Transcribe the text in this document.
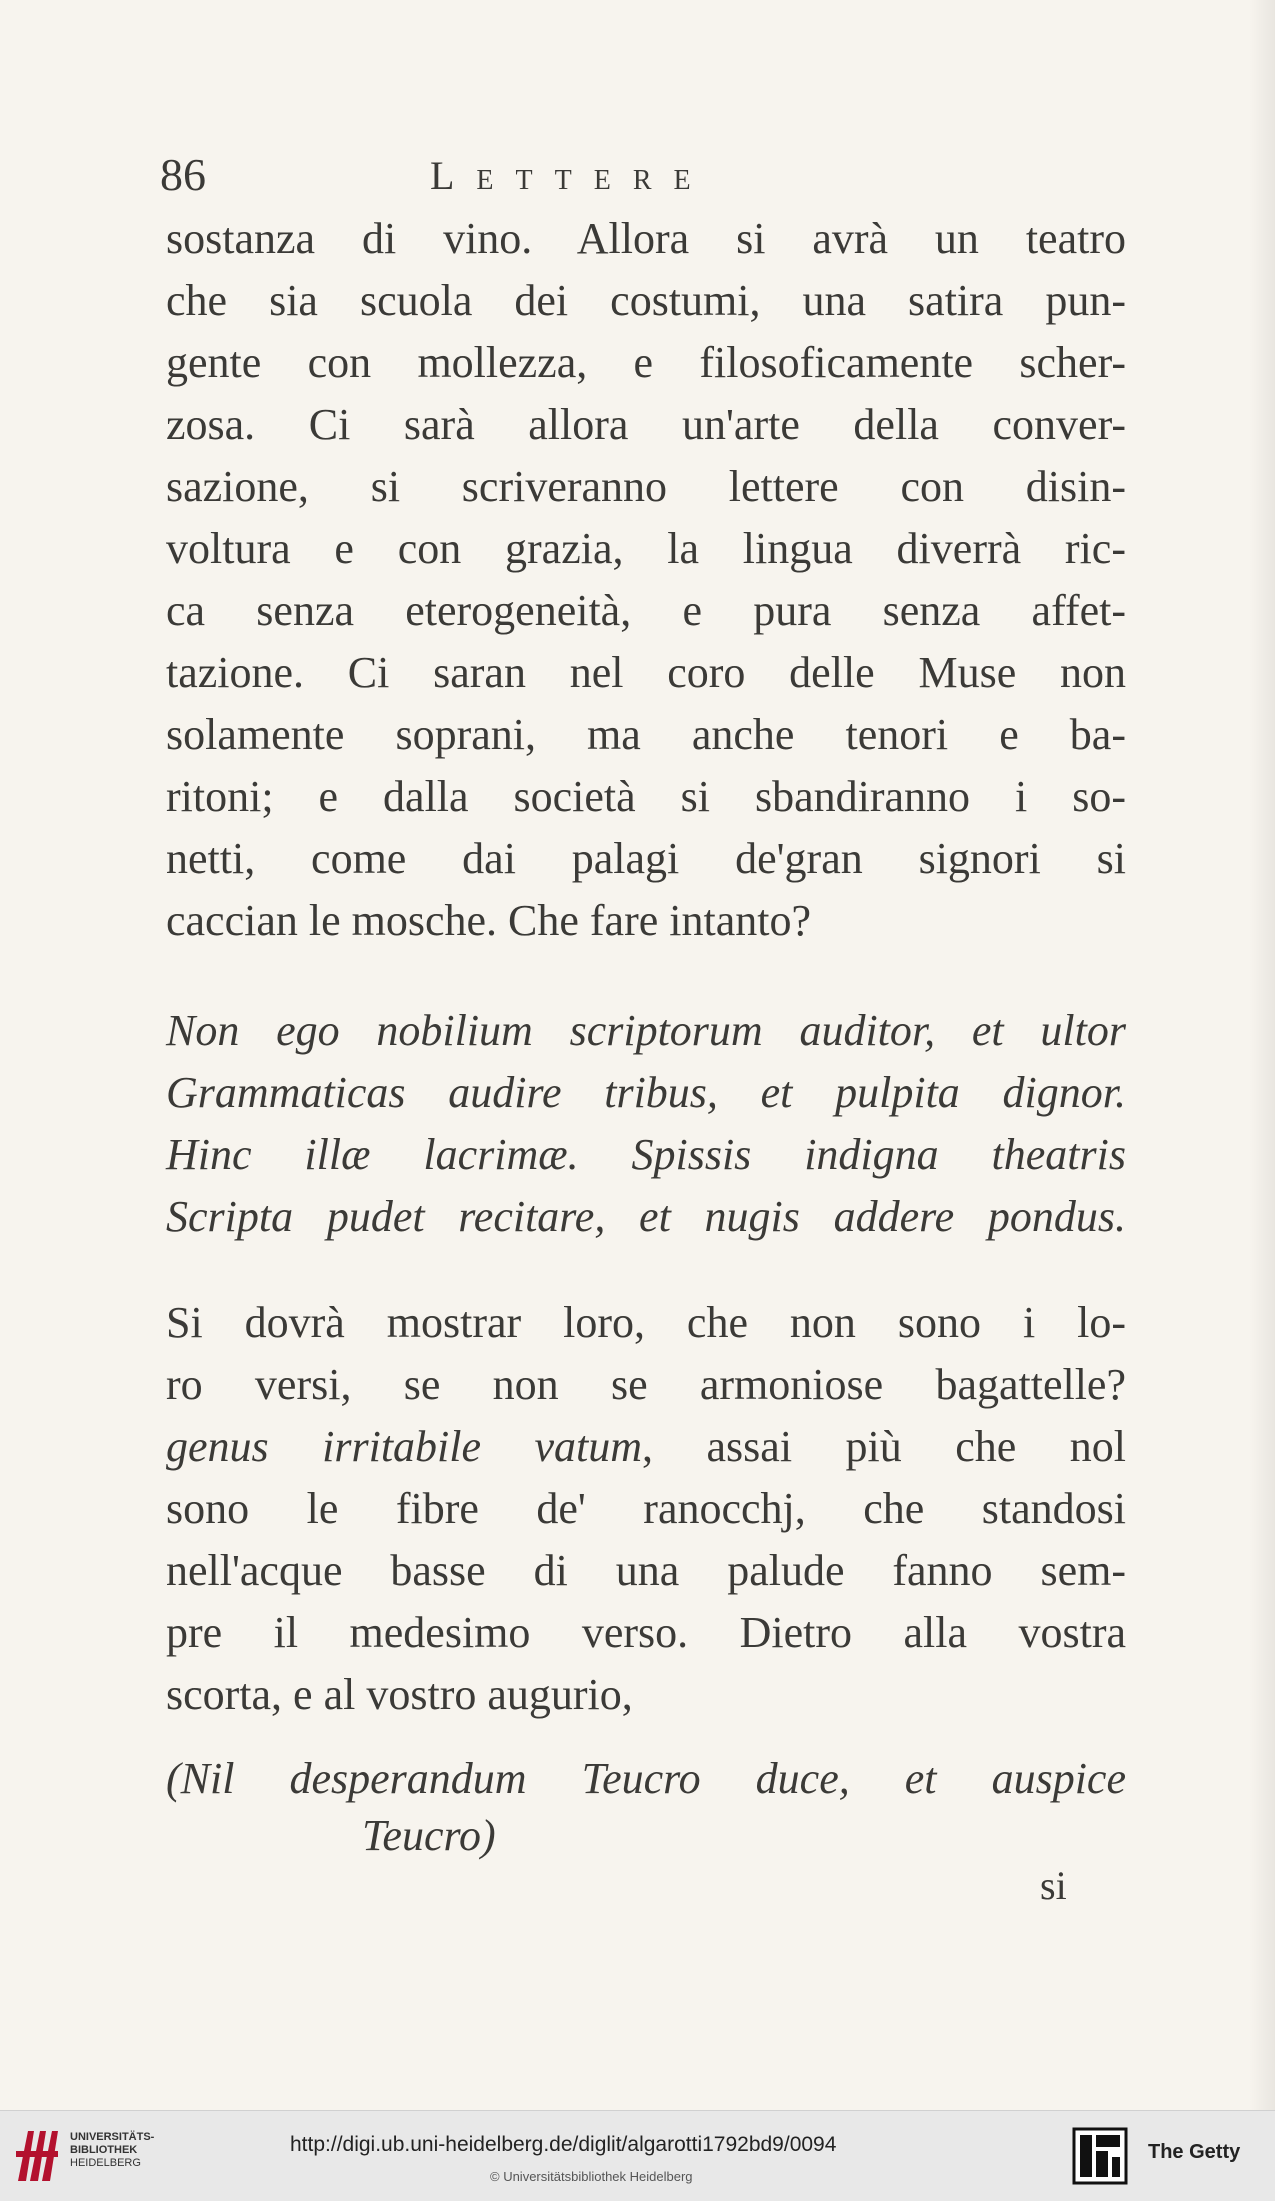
86	Lettere
sostanza di vino. Allora si avrà un teatro
che sia scuola dei costumi, una satira pun-
gente con mollezza, e filosoficamente scher-
zosa. Ci sarà allora un'arte della conver-
sazione, si scriveranno lettere con disin-
voltura e con grazia, la lingua diverrà ric-
ca senza eterogeneità, e pura senza affet-
tazione. Ci saran nel coro delle Muse non
solamente soprani, ma anche tenori e ba-
ritoni; e dalla società si sbandiranno i so-
netti, come dai palagi de'gran signori si
caccian le mosche. Che fare intanto?
Non ego nobilium scriptorum auditor, et ultor
Grammaticas audire tribus, et pulpita dignor.
Hinc illæ lacrimæ. Spissis indigna theatris
Scripta pudet recitare, et nugis addere pondus.
Si dovrà mostrar loro, che non sono i lo-
ro versi, se non se armoniose bagattelle?
genus irritabile vatum, assai più che nol
sono le fibre de' ranocchj, che standosi
nell'acque basse di una palude fanno sem-
pre il medesimo verso. Dietro alla vostra
scorta, e al vostro augurio,
(Nil desperandum Teucro duce, et auspice
Teucro)
si
UNIVERSITÄTS-
BIBLIOTHEK
HEIDELBERG
http://digi.ub.uni-heidelberg.de/diglit/algarotti1792bd9/0094
© Universitätsbibliothek Heidelberg
The Getty
